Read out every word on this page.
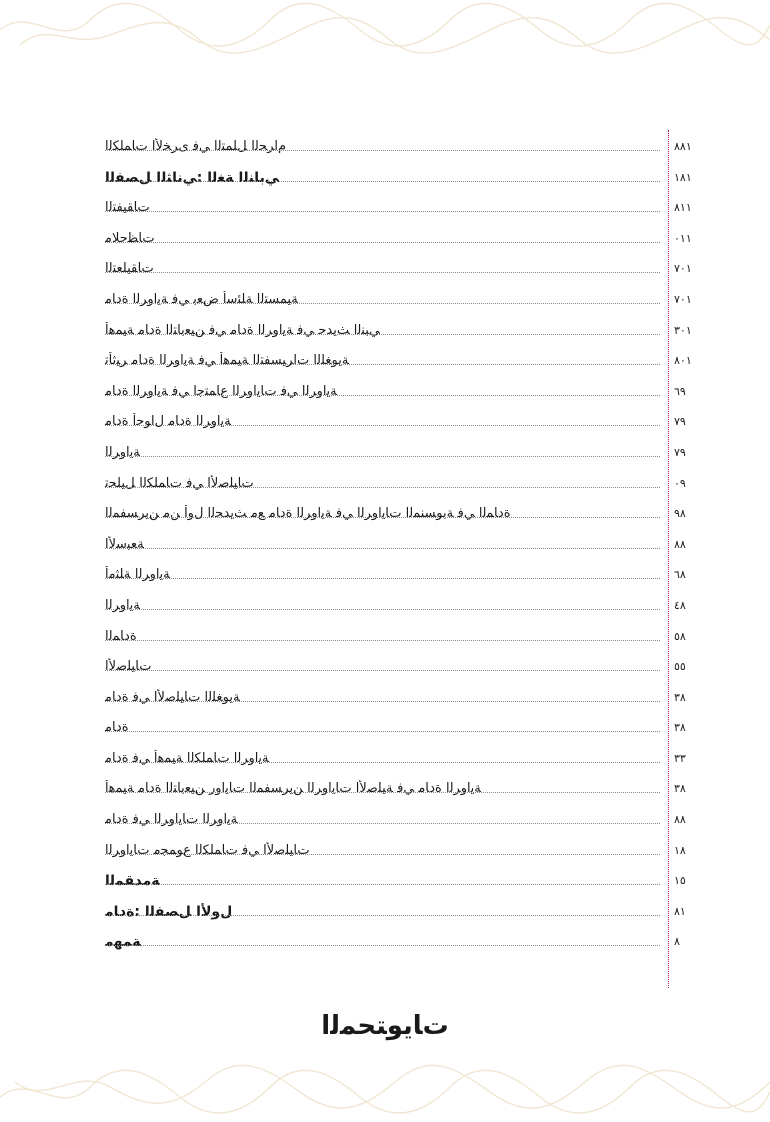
ﻡﺍﺮﺤﻟﺍ ﻞﻠﻤﺘﻟﺍ ﻲﻓ ﻯﺮﺨﻷﺍ ﺕﺎﻤﻠﻜﻟﺍ	١٨٨
ﻲﺑﺎﻨﻟﺍ ﺔﻐﻟﺍ :ﻲﻧﺎﺜﻟﺍ ﻞﺼﻔﻟﺍ	١٨١
ﺕﺎﻘﻴﻔﺘﻟﺍ	١١٨
ﺕﺎﻈﺣﻼﻣ	١١٠
ﺕﺎﻘﻴﻠﻌﺘﻟﺍ	١٠٧
ﺔﻴﻤﺴﺘﻟﺍ ﺔﻠﺌﺳﺃ ﺽﻌﺑ ﻲﻓ ﺔﻳﺍﻭﺮﻟﺍ ﺓﺩﺎﻣ	١٠٧
ﻲﺒﻨﻟﺍ ﺚﻳﺪﺣ ﻲﻓ ﺔﻳﺍﻭﺮﻟﺍ ﺓﺩﺎﻣ ﻲﻓ ﻦﻴﻌﺑﺎﺘﻟﺍ ﺓﺩﺎﻣ ﺔﻴﻤﻫﺃ	١٠٣
ﺔﻳﻮﻐﻠﻟﺍ ﺕﺍﺮﻴﺴﻔﺘﻟﺍ ﺔﻴﻤﻫﺃ ﻲﻓ ﺔﻳﺍﻭﺮﻟﺍ ﺓﺩﺎﻣ ﺮﻴﺛﺄﺗ	١٠٨
ﺔﻳﺍﻭﺮﻟﺍ ﻲﻓ ﺕﺎﻳﺍﻭﺮﻟﺍ ﻉﺎﻤﺘﺟﺍ ﻲﻓ ﺔﻳﺍﻭﺮﻟﺍ ﺓﺩﺎﻣ	٩٦
ﺔﻳﺍﻭﺮﻟﺍ ﺓﺩﺎﻣ ﻝﺍﻮﺣﺃ ﺓﺩﺎﻣ	٩٧
ﺔﻳﺍﻭﺮﻟﺍ	٩٧
ﺕﺎﻴﻠﺻﻷﺍ ﻲﻓ ﺕﺎﻤﻠﻜﻟﺍ ﻞﻴﻠﺤﺗ	٩٠
ﺓﺩﺎﻤﻟﺍ ﻲﻓ ﺔﺑﻮﺴﻨﻤﻟﺍ ﺕﺎﻳﺍﻭﺮﻟﺍ ﻲﻓ ﺔﻳﺍﻭﺮﻟﺍ ﺓﺩﺎﻣ ﻊﻣ ﺚﻳﺪﺤﻟﺍ ﻝﻭﺃ ﻦﻣ ﻦﻳﺮﺴﻔﻤﻟﺍ	٨٩
ﺔﻌﺒﺳﻷﺍ	٨٨
ﺔﻳﺍﻭﺮﻟﺍ ﺔﻠﺜﻣﺃ	٨٦
ﺔﻳﺍﻭﺮﻟﺍ	٨٤
ﺓﺩﺎﻤﻟﺍ	٨٥
ﺕﺎﻴﻠﺻﻷﺍ	٥٥
ﺔﻳﻮﻐﻠﻟﺍ ﺕﺎﻴﻠﺻﻷﺍ ﻲﻓ ﺓﺩﺎﻣ	٨٣
ﺓﺩﺎﻣ	٨٣
ﺔﻳﺍﻭﺮﻟﺍ ﺕﺎﻤﻠﻜﻟﺍ ﺔﻴﻤﻫﺃ ﻲﻓ ﺓﺩﺎﻣ	٣٣
ﺔﻳﺍﻭﺮﻟﺍ ﺓﺩﺎﻣ ﻲﻓ ﺔﻴﻠﺻﻷﺍ ﺕﺎﻳﺍﻭﺮﻟﺍ ﻦﻳﺮﺴﻔﻤﻟﺍ ﺕﺎﻳﺍﻭﺭ ﻦﻴﻌﺑﺎﺘﻟﺍ ﺓﺩﺎﻣ ﺔﻴﻤﻫﺃ	٨٣
ﺔﻳﺍﻭﺮﻟﺍ ﺕﺎﻳﺍﻭﺮﻟﺍ ﻲﻓ ﺓﺩﺎﻣ	٨٨
ﺕﺎﻴﻠﺻﻷﺍ ﻲﻓ ﺕﺎﻤﻠﻜﻟﺍ ﻉﻮﻤﺠﻣ ﺕﺎﻳﺍﻭﺮﻟﺍ	٨١
ﺔﻣﺪﻘﻤﻟﺍ	٥١
ﻝﻭﻷﺍ ﻞﺼﻔﻟﺍ :ﺓﺩﺎﻣ	١٨
ﺔﻤﻬﻣ	٨
ﺕﺎﻳﻮﺘﺤﻤﻟﺍ
